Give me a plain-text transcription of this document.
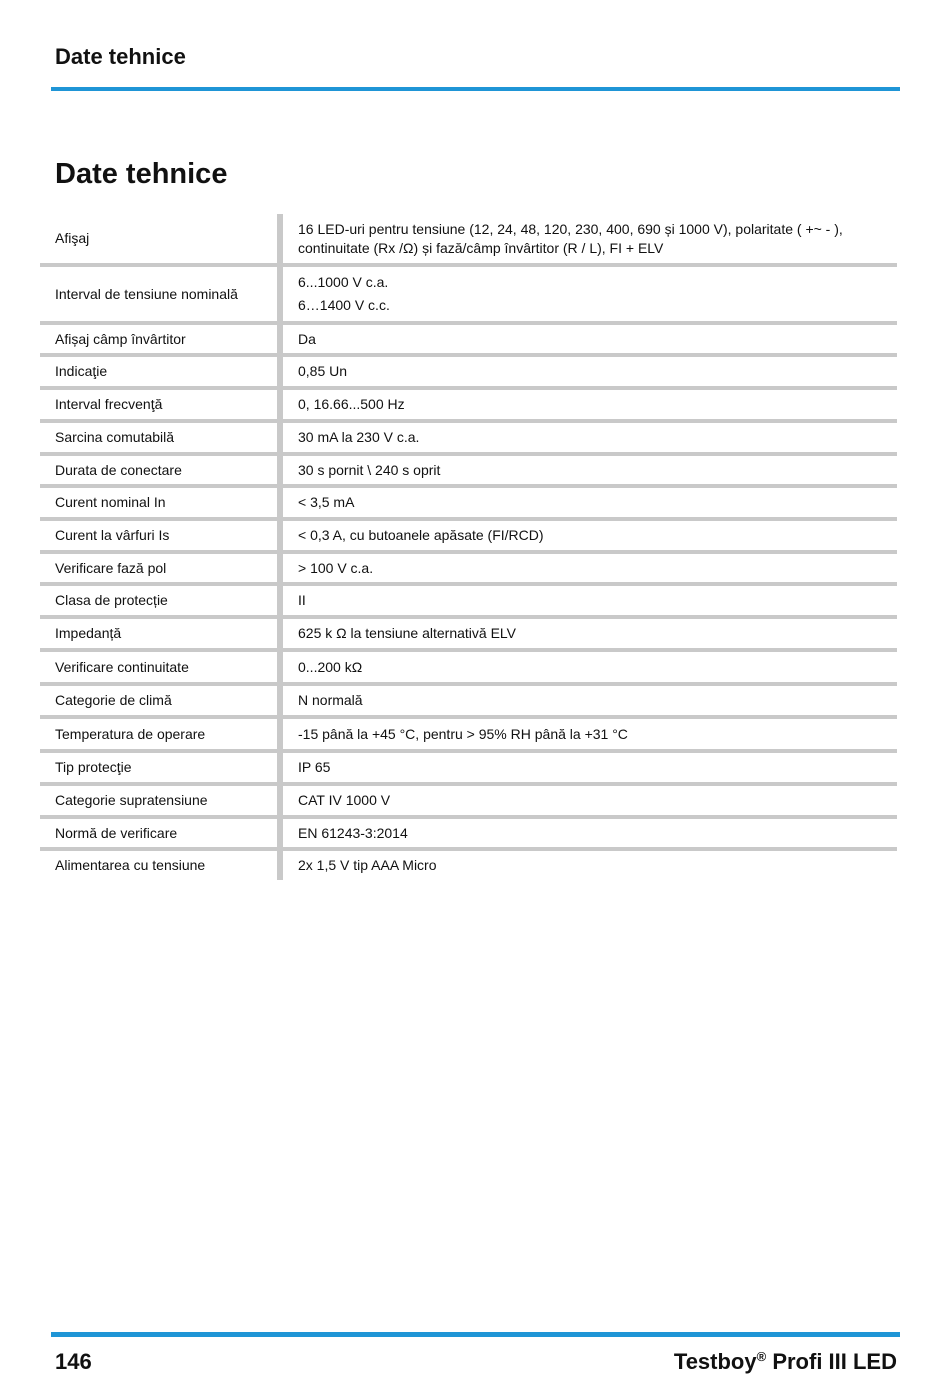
Date tehnice
Date tehnice
Afişaj	16 LED-uri pentru tensiune (12, 24, 48, 120, 230, 400, 690 și 1000 V), polaritate ( +~ - ),
continuitate (Rx /Ω) și fază/câmp învârtitor (R / L), FI + ELV

Interval de tensiune nominală	6...1000 V c.a.
6…1400 V c.c.

Afișaj câmp învârtitor	Da
Indicaţie	0,85 Un
Interval frecvenţă	0, 16.66...500 Hz
Sarcina comutabilă	30 mA la 230 V c.a.
Durata de conectare	30 s pornit \ 240 s oprit
Curent nominal In	< 3,5 mA
Curent la vârfuri Is	< 0,3 A, cu butoanele apăsate (FI/RCD)
Verificare fază pol	> 100 V c.a.
Clasa de protecție	II
Impedanță	625 k Ω la tensiune alternativă ELV
Verificare continuitate	0...200 kΩ
Categorie de climă	N normală
Temperatura de operare	-15 până la +45 °C, pentru > 95% RH până la +31 °C
Tip protecţie	IP 65
Categorie supratensiune	CAT IV 1000 V
Normă de verificare	EN 61243-3:2014
Alimentarea cu tensiune	2x 1,5 V tip AAA Micro
146	Testboy® Profi III LED
